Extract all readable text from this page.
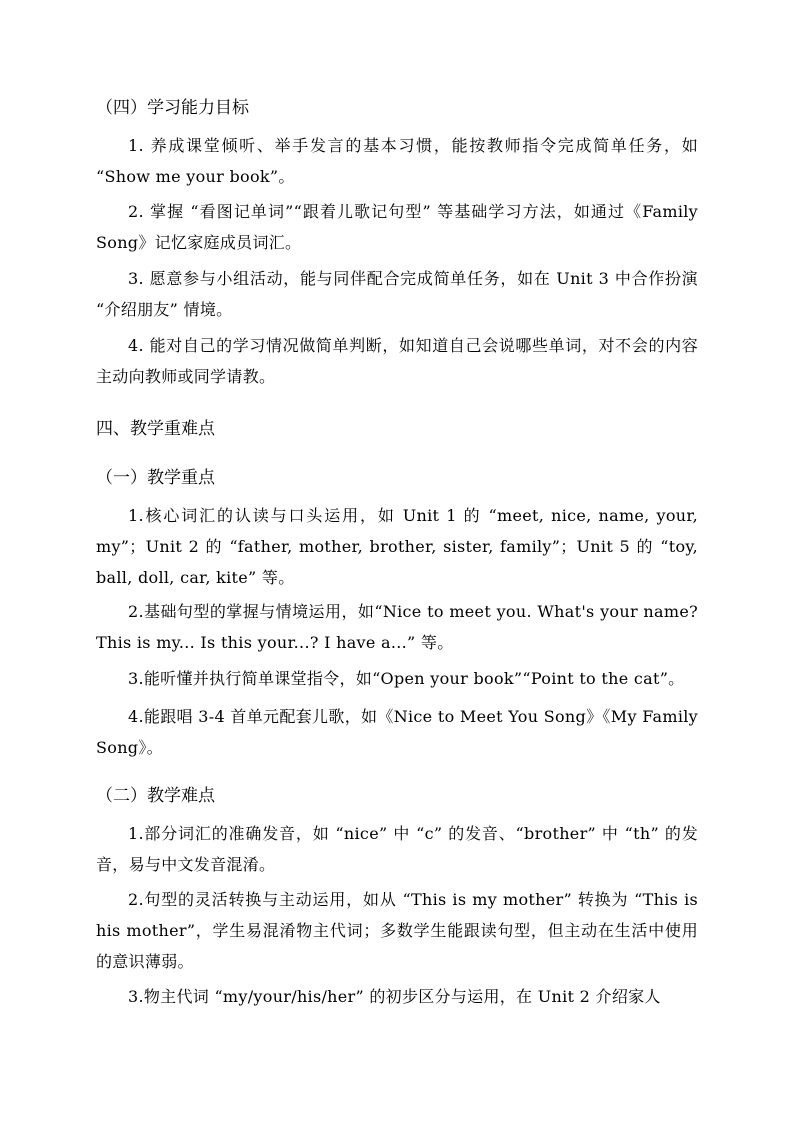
（四）学习能力目标
1. 养成课堂倾听、举手发言的基本习惯，能按教师指令完成简单任务，如 “Show me your book”。
2. 掌握 “看图记单词”“跟着儿歌记句型” 等基础学习方法，如通过《Family Song》记忆家庭成员词汇。
3. 愿意参与小组活动，能与同伴配合完成简单任务，如在 Unit 3 中合作扮演 “介绍朋友” 情境。
4. 能对自己的学习情况做简单判断，如知道自己会说哪些单词，对不会的内容主动向教师或同学请教。
四、教学重难点
（一）教学重点
1.核心词汇的认读与口头运用，如 Unit 1 的 “meet, nice, name, your, my”；Unit 2 的 “father, mother, brother, sister, family”；Unit 5 的 “toy, ball, doll, car, kite” 等。
2.基础句型的掌握与情境运用，如“Nice to meet you. What's your name? This is my... Is this your...? I have a...” 等。
3.能听懂并执行简单课堂指令，如“Open your book”“Point to the cat”。
4.能跟唱 3-4 首单元配套儿歌，如《Nice to Meet You Song》《My Family Song》。
（二）教学难点
1.部分词汇的准确发音，如 “nice” 中 “c” 的发音、“brother” 中 “th” 的发音，易与中文发音混淆。
2.句型的灵活转换与主动运用，如从 “This is my mother” 转换为 “This is his mother”，学生易混淆物主代词；多数学生能跟读句型，但主动在生活中使用的意识薄弱。
3.物主代词 “my/your/his/her” 的初步区分与运用，在 Unit 2 介绍家人
